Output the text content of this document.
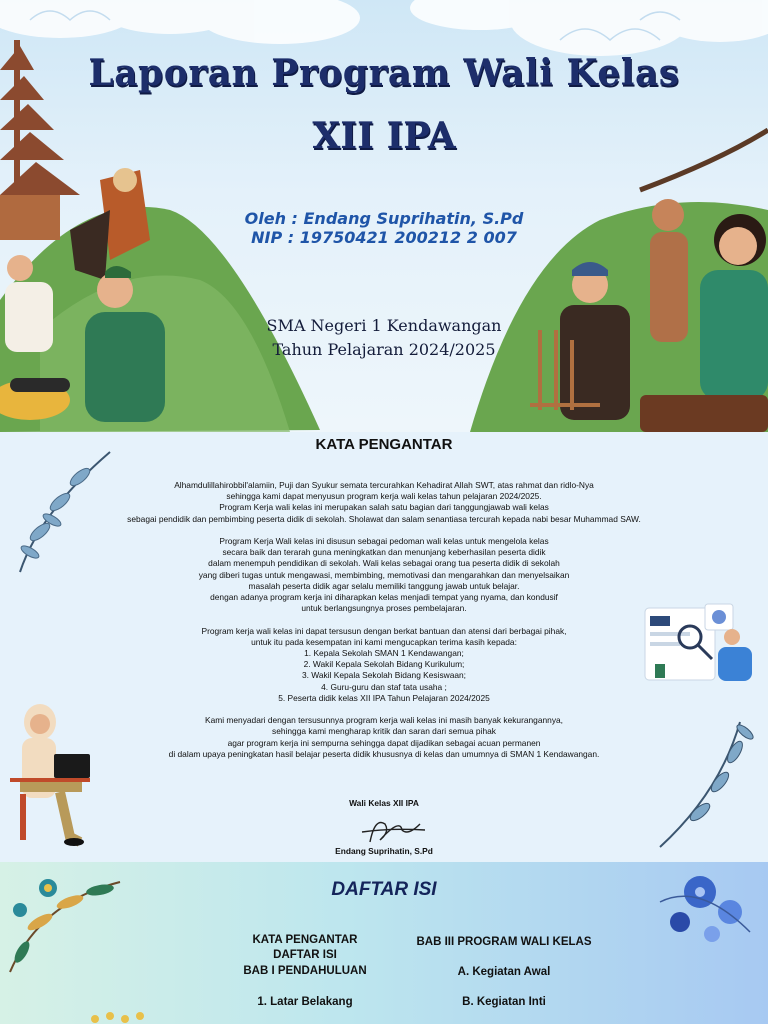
Laporan Program Wali Kelas
XII IPA
Oleh : Endang Suprihatin, S.Pd
NIP : 19750421 200212 2 007
SMA Negeri 1 Kendawangan
Tahun Pelajaran 2024/2025
KATA PENGANTAR
Alhamdulillahirobbil'alamiin, Puji dan Syukur semata tercurahkan Kehadirat Allah SWT, atas rahmat dan ridlo-Nya
sehingga kami dapat menyusun program kerja wali kelas tahun pelajaran 2024/2025.
Program Kerja wali kelas ini merupakan salah satu bagian dari tanggungjawab wali kelas
sebagai pendidik dan pembimbing peserta didik di sekolah. Sholawat dan salam senantiasa tercurah kepada nabi besar Muhammad SAW.
Program Kerja Wali kelas ini disusun sebagai pedoman wali kelas untuk mengelola kelas
secara baik dan terarah guna meningkatkan dan menunjang keberhasilan peserta didik
dalam menempuh pendidikan di sekolah. Wali kelas sebagai orang tua peserta didik di sekolah
yang diberi tugas untuk mengawasi, membimbing, memotivasi dan mengarahkan dan menyelsaikan
masalah peserta didik agar selalu memiliki tanggung jawab untuk belajar.
dengan adanya program kerja ini diharapkan kelas menjadi tempat yang nyama, dan kondusif
untuk berlangsungnya proses pembelajaran.
Program kerja wali kelas ini dapat tersusun dengan berkat bantuan dan atensi dari berbagai pihak,
untuk itu pada kesempatan ini kami mengucapkan terima kasih kepada:
1. Kepala Sekolah SMAN 1 Kendawangan;
2. Wakil Kepala Sekolah Bidang Kurikulum;
3. Wakil Kepala Sekolah Bidang Kesiswaan;
4. Guru-guru dan staf tata usaha ;
5. Peserta didik kelas XII IPA Tahun Pelajaran 2024/2025
Kami menyadari dengan tersusunnya program kerja wali kelas ini masih banyak kekurangannya,
sehingga kami mengharap kritik dan saran dari semua pihak
agar program kerja ini sempurna sehingga dapat dijadikan sebagai acuan permanen
di dalam upaya peningkatan hasil belajar peserta didik khususnya di kelas dan umumnya di SMAN 1 Kendawangan.
Wali Kelas XII IPA
Endang Suprihatin, S.Pd
DAFTAR ISI
KATA PENGANTAR
DAFTAR ISI
BAB I PENDAHULUAN
1. Latar Belakang
BAB III PROGRAM WALI KELAS
A. Kegiatan Awal
B. Kegiatan Inti
